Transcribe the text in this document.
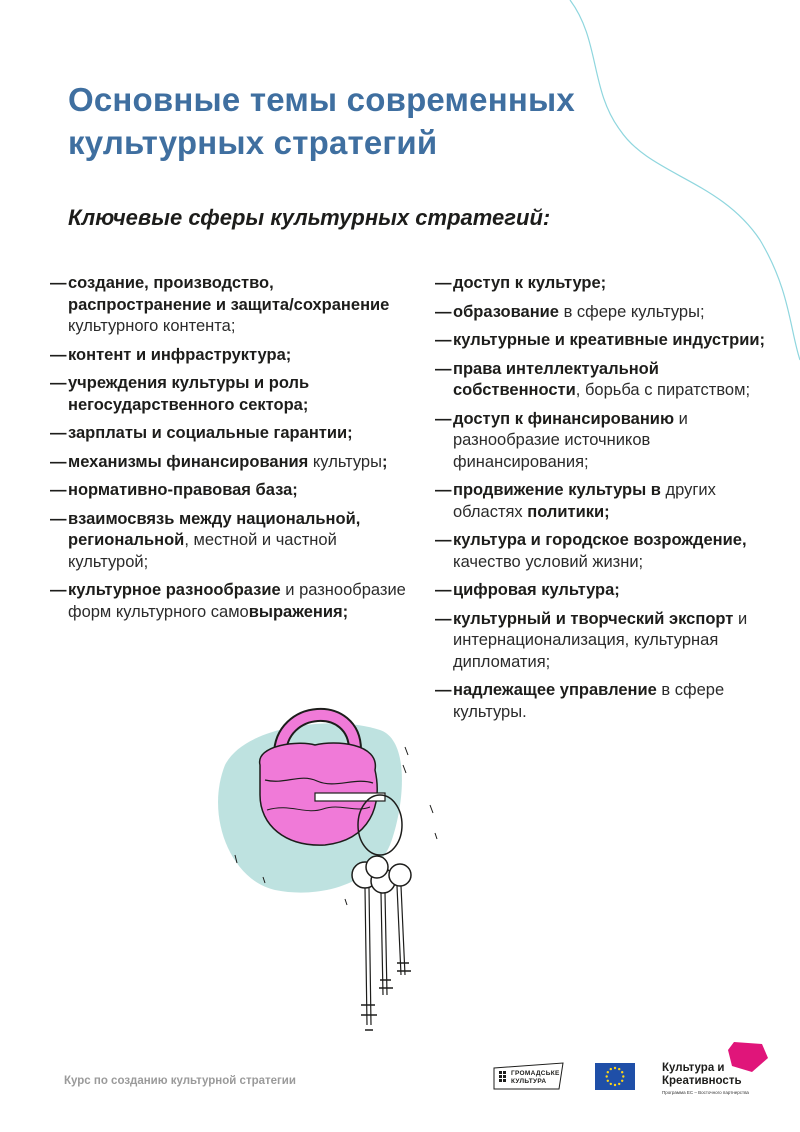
Основные темы современных культурных стратегий
Ключевые сферы культурных стратегий:
— создание, производство, распространение и защита/сохранение культурного контента;
— контент и инфраструктура;
— учреждения культуры и роль негосударственного сектора;
— зарплаты и социальные гарантии;
— механизмы финансирования культуры;
— нормативно-правовая база;
— взаимосвязь между национальной, региональной, местной и частной культурой;
— культурное разнообразие и разнообразие форм культурного самовыражения;
— доступ к культуре;
— образование в сфере культуры;
— культурные и креативные индустрии;
— права интеллектуальной собственности, борьба с пиратством;
— доступ к финансированию и разнообразие источников финансирования;
— продвижение культуры в других областях политики;
— культура и городское возрождение, качество условий жизни;
— цифровая культура;
— культурный и творческий экспорт и интернационализация, культурная дипломатия;
— надлежащее управление в сфере культуры.
Курс по созданию культурной стратегии
ГРОМАДСЬКЕ
КУЛЬТУРА
Культура и
Креативность
Программа ЕС – Восточного партнерства
